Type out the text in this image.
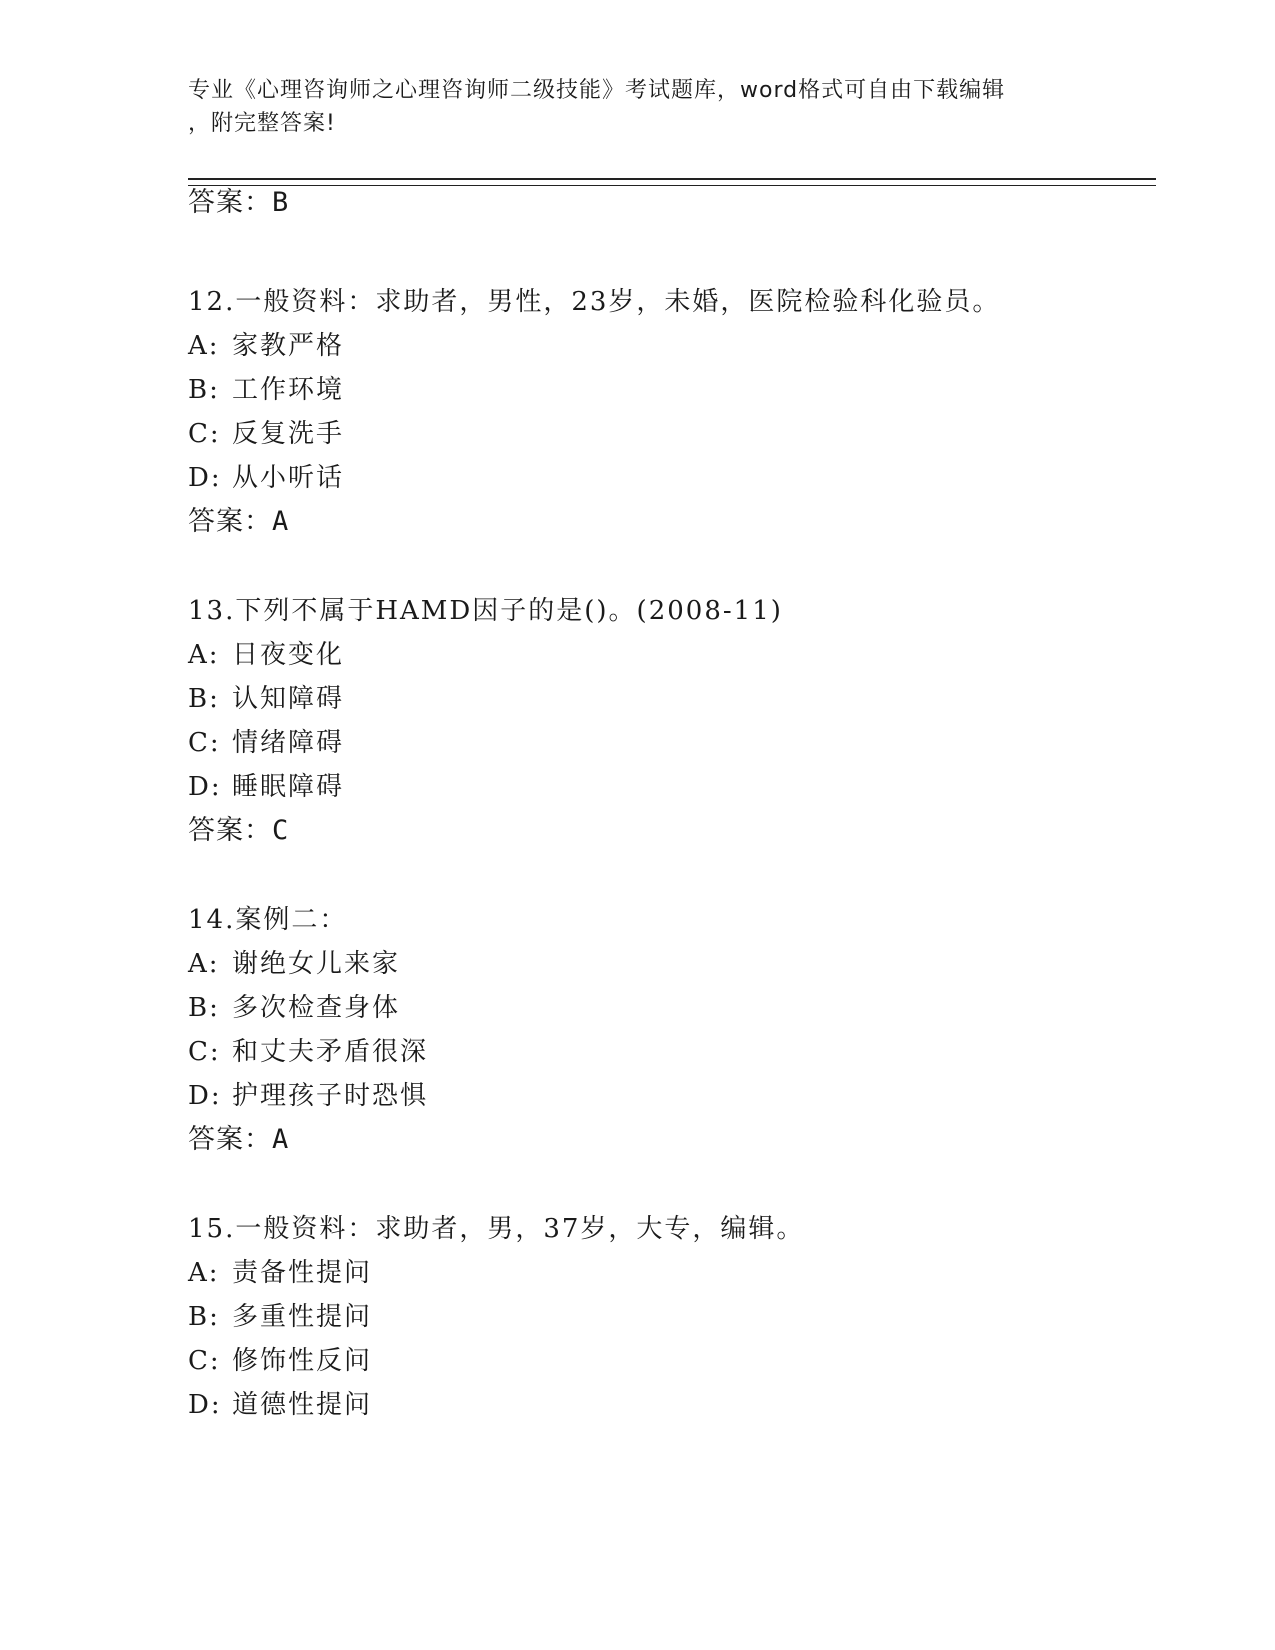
专业《心理咨询师之心理咨询师二级技能》考试题库，word格式可自由下载编辑
，附完整答案!
答案：B
12.一般资料：求助者，男性，23岁，未婚，医院检验科化验员。
A: 家教严格
B: 工作环境
C: 反复洗手
D: 从小听话
答案：A
13.下列不属于HAMD因子的是()。(2008-11)
A: 日夜变化
B: 认知障碍
C: 情绪障碍
D: 睡眠障碍
答案：C
14.案例二：
A: 谢绝女儿来家
B: 多次检查身体
C: 和丈夫矛盾很深
D: 护理孩子时恐惧
答案：A
15.一般资料：求助者，男，37岁，大专，编辑。
A: 责备性提问
B: 多重性提问
C: 修饰性反问
D: 道德性提问
